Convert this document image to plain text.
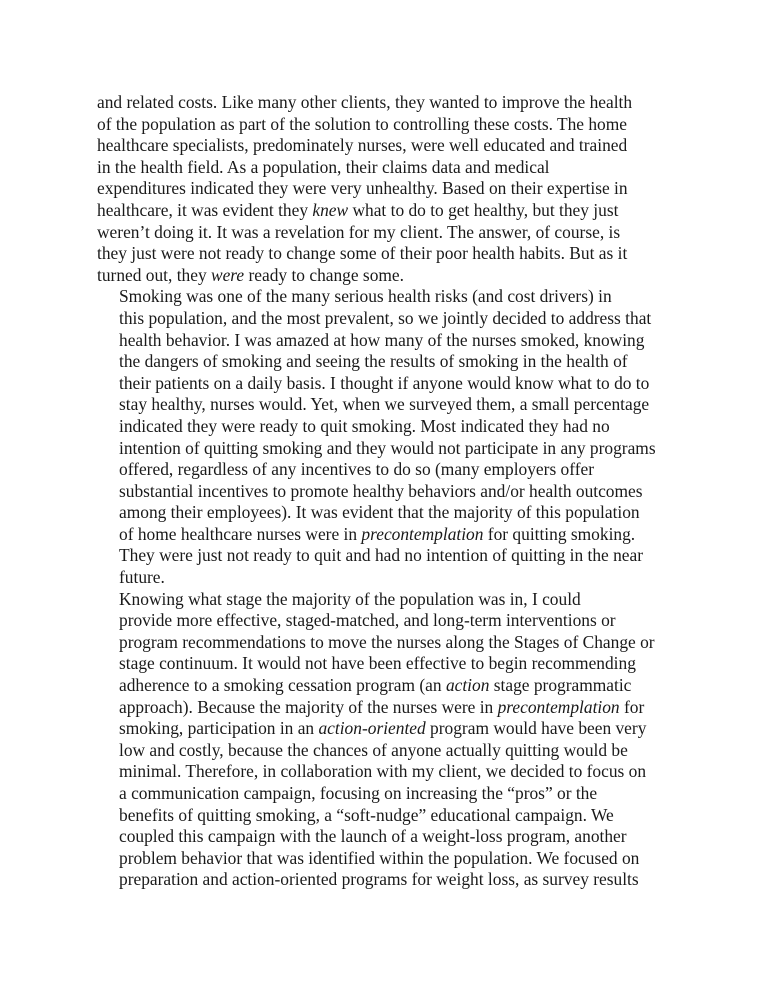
and related costs. Like many other clients, they wanted to improve the health
of the population as part of the solution to controlling these costs. The home
healthcare specialists, predominately nurses, were well educated and trained
in the health field. As a population, their claims data and medical
expenditures indicated they were very unhealthy. Based on their expertise in
healthcare, it was evident they knew what to do to get healthy, but they just
weren’t doing it. It was a revelation for my client. The answer, of course, is
they just were not ready to change some of their poor health habits. But as it
turned out, they were ready to change some.
Smoking was one of the many serious health risks (and cost drivers) in
this population, and the most prevalent, so we jointly decided to address that
health behavior. I was amazed at how many of the nurses smoked, knowing
the dangers of smoking and seeing the results of smoking in the health of
their patients on a daily basis. I thought if anyone would know what to do to
stay healthy, nurses would. Yet, when we surveyed them, a small percentage
indicated they were ready to quit smoking. Most indicated they had no
intention of quitting smoking and they would not participate in any programs
offered, regardless of any incentives to do so (many employers offer
substantial incentives to promote healthy behaviors and/or health outcomes
among their employees). It was evident that the majority of this population
of home healthcare nurses were in precontemplation for quitting smoking.
They were just not ready to quit and had no intention of quitting in the near
future.
Knowing what stage the majority of the population was in, I could
provide more effective, staged-matched, and long-term interventions or
program recommendations to move the nurses along the Stages of Change or
stage continuum. It would not have been effective to begin recommending
adherence to a smoking cessation program (an action stage programmatic
approach). Because the majority of the nurses were in precontemplation for
smoking, participation in an action-oriented program would have been very
low and costly, because the chances of anyone actually quitting would be
minimal. Therefore, in collaboration with my client, we decided to focus on
a communication campaign, focusing on increasing the “pros” or the
benefits of quitting smoking, a “soft-nudge” educational campaign. We
coupled this campaign with the launch of a weight-loss program, another
problem behavior that was identified within the population. We focused on
preparation and action-oriented programs for weight loss, as survey results
